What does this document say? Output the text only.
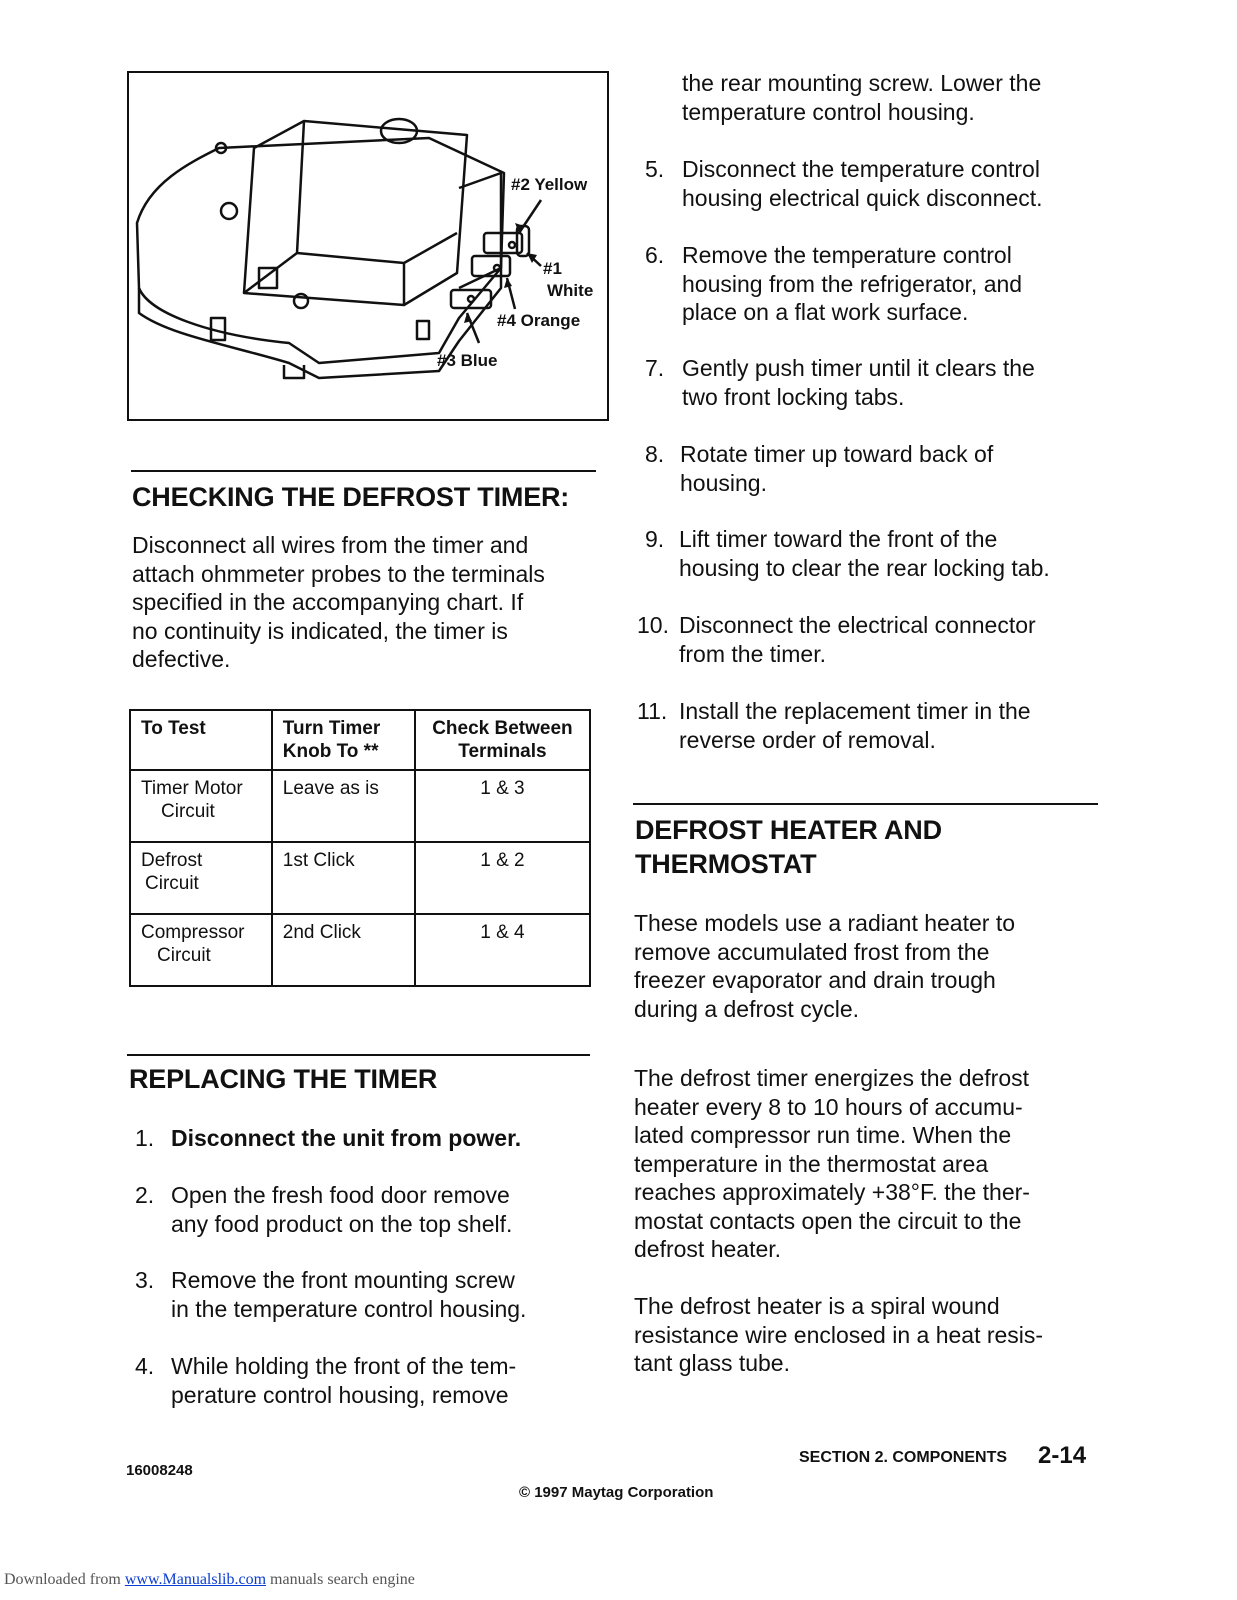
#2 Yellow
#1
White
#4 Orange
#3 Blue
CHECKING THE DEFROST TIMER:
Disconnect all wires from the timer and
attach ohmmeter probes to the terminals
specified in the accompanying chart. If
no continuity is indicated, the timer is
defective.
To Test	Turn Timer Knob To **	Check Between Terminals

Timer Motor
Circuit	Leave as is	1 & 3

Defrost
Circuit	1st Click	1 & 2

Compressor
Circuit	2nd Click	1 & 4
REPLACING THE TIMER
1. Disconnect the unit from power.
2. Open the fresh food door remove
any food product on the top shelf.
3. Remove the front mounting screw
in the temperature control housing.
4. While holding the front of the tem-
perature control housing, remove
the rear mounting screw. Lower the
temperature control housing.
5. Disconnect the temperature control
housing electrical quick disconnect.
6. Remove the temperature control
housing from the refrigerator, and
place on a flat work surface.
7. Gently push timer until it clears the
two front locking tabs.
8. Rotate timer up toward back of
housing.
9. Lift timer toward the front of the
housing to clear the rear locking tab.
10. Disconnect the electrical connector
from the timer.
11. Install the replacement timer in the
reverse order of removal.
DEFROST HEATER AND
THERMOSTAT
These models use a radiant heater to
remove accumulated frost from the
freezer evaporator and drain trough
during a defrost cycle.
The defrost timer energizes the defrost
heater every 8 to 10 hours of accumu-
lated compressor run time. When the
temperature in the thermostat area
reaches approximately +38°F. the ther-
mostat contacts open the circuit to the
defrost heater.
The defrost heater is a spiral wound
resistance wire enclosed in a heat resis-
tant glass tube.
16008248
SECTION 2. COMPONENTS 2-14
© 1997 Maytag Corporation
Downloaded from www.Manualslib.com manuals search engine
